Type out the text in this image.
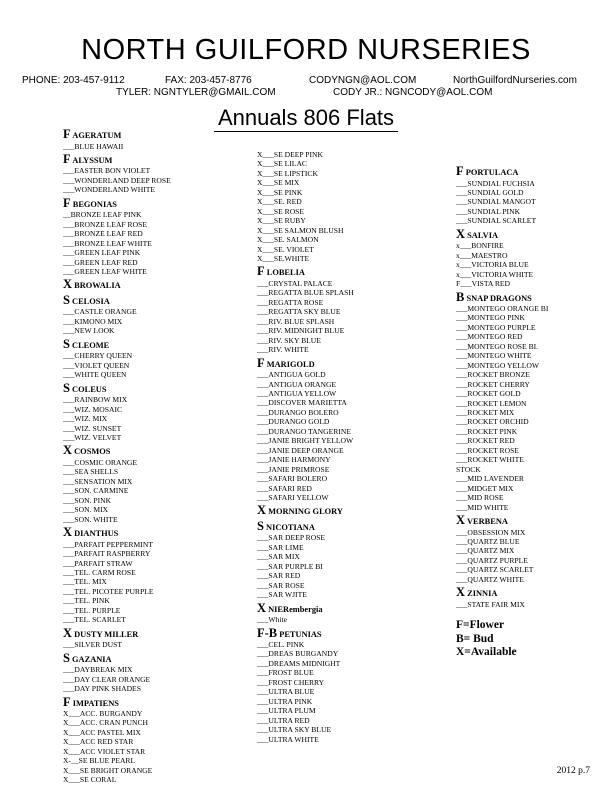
NORTH GUILFORD NURSERIES
PHONE: 203-457-9112	FAX: 203-457-8776	CODYNGN@AOL.COM	NorthGuilfordNurseries.com
TYLER: NGNTYLER@GMAIL.COM	CODY JR.: NGNCODY@AOL.COM
Annuals 806 Flats
F AGERATUM
___BLUE HAWAII
F ALYSSUM
___EASTER BON VIOLET
___WONDERLAND DEEP ROSE
___WONDERLAND WHITE
F BEGONIAS
__BRONZE LEAF PINK
___BRONZE LEAF ROSE
___BRONZE LEAF RED
___BRONZE LEAF WHITE
___GREEN LEAF PINK
___GREEN LEAF RED
___GREEN LEAF WHITE
X BROWALIA
S CELOSIA
___CASTLE ORANGE
___KIMONO MIX
___NEW LOOK
S CLEOME
___CHERRY QUEEN
___VIOLET QUEEN
___WHITE QUEEN
S COLEUS
___RAINBOW MIX
___WIZ. MOSAIC
___WIZ. MIX
___WIZ. SUNSET
___WIZ. VELVET
X COSMOS
___COSMIC ORANGE
___SEA SHELLS
___SENSATION MIX
___SON. CARMINE
___SON. PINK
___SON. MIX
___SON. WHITE
X DIANTHUS
___PARFAIT PEPPERMINT
___PARFAIT RASPBERRY
___PARFAIT STRAW
___TEL. CARM ROSE
___TEL. MIX
___TEL. PICOTEE PURPLE
___TEL. PINK
___TEL. PURPLE
___TEL. SCARLET
X DUSTY MILLER
___SILVER DUST
S GAZANIA
___DAYBREAK MIX
___DAY CLEAR ORANGE
___DAY PINK SHADES
F IMPATIENS
X___ACC. BURGANDY
X___ACC. CRAN PUNCH
X___ACC PASTEL MIX
X___ACC RED STAR
X___ACC VIOLET STAR
X-__SE BLUE PEARL
X___SE BRIGHT ORANGE
X___SE CORAL
X___SE DEEP PINK
X___SE LILAC
X___SE LIPSTICK
X___SE MIX
X___SE PINK
X___SE. RED
X___SE ROSE
X___SE RUBY
X___SE SALMON BLUSH
X___SE. SALMON
X___SE. VIOLET
X___SE.WHITE
F LOBELIA
___CRYSTAL PALACE
___REGATTA BLUE SPLASH
___REGATTA ROSE
___REGATTA SKY BLUE
___RIV. BLUE SPLASH
___RIV. MIDNIGHT BLUE
___RIV. SKY BLUE
___RIV. WHITE
F MARIGOLD
___ANTIGUA GOLD
___ANTIGUA ORANGE
___ANTIGUA YELLOW
___DISCOVER MARIETTA
___DURANGO BOLERO
___DURANGO GOLD
___DURANGO TANGERINE
___JANIE BRIGHT YELLOW
___JANIE DEEP ORANGE
___JANIE HARMONY
___JANIE PRIMROSE
___SAFARI BOLERO
___SAFARI RED
___SAFARI YELLOW
X MORNING GLORY
S NICOTIANA
___SAR DEEP ROSE
___SAR LIME
___SAR MIX
___SAR PURPLE BI
___SAR RED
___SAR ROSE
___SAR WJITE
X NIERembergia
___White
F-B PETUNIAS
___CEL. PINK
___DREAS BURGANDY
___DREAMS MIDNIGHT
___FROST BLUE
___FROST CHERRY
___ULTRA BLUE
___ULTRA PINK
___ULTRA PLUM
___ULTRA RED
___ULTRA SKY BLUE
___ULTRA WHITE
F PORTULACA
___SUNDIAL FUCHSIA
___SUNDIAL GOLD
___SUNDIAL MANGOT
___SUNDIAL PINK
___SUNDIAL SCARLET
X SALVIA
x___BONFIRE
x___MAESTRO
x___VICTORIA BLUE
x___VICTORIA WHITE
F___VISTA RED
B SNAP DRAGONS
___MONTEGO ORANGE BI
___MONTEGO PINK
___MONTEGO PURPLE
___MONTEGO RED
___MONTEGO ROSE BI.
___MONTEGO WHITE
___MONTEGO YELLOW
___ROCKET BRONZE
___ROCKET CHERRY
___ROCKET GOLD
___ROCKET LEMON
___ROCKET MIX
___ROCKET ORCHID
___ROCKET PINK
___ROCKET RED
___ROCKET ROSE
___ROCKET WHITE
STOCK
___MID LAVENDER
___MIDGET MIX
___MID ROSE
___MID WHITE
X VERBENA
___OBSESSION MIX
___QUARTZ BLUE
___QUARTZ MIX
___QUARTZ PURPLE
___QUARTZ SCARLET
___QUARTZ WHITE
X ZINNIA
___STATE FAIR MIX
F=Flower
B= Bud
X=Available
2012 p.7
